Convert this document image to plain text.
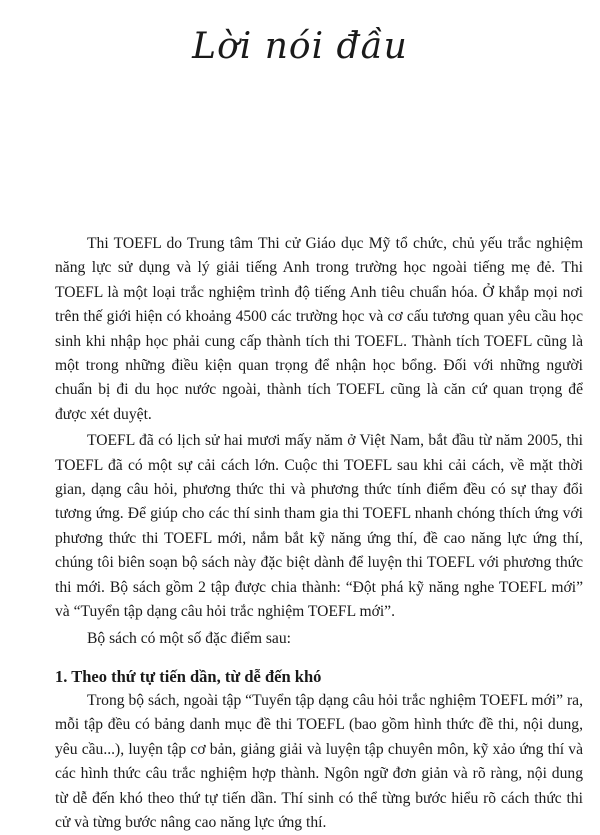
Lời nói đầu

Thi TOEFL do Trung tâm Thi cử Giáo dục Mỹ tổ chức, chủ yếu trắc nghiệm năng lực sử dụng và lý giải tiếng Anh trong trường học ngoài tiếng mẹ đẻ. Thi TOEFL là một loại trắc nghiệm trình độ tiếng Anh tiêu chuẩn hóa. Ở khắp mọi nơi trên thế giới hiện có khoảng 4500 các trường học và cơ cấu tương quan yêu cầu học sinh khi nhập học phải cung cấp thành tích thi TOEFL. Thành tích TOEFL cũng là một trong những điều kiện quan trọng để nhận học bổng. Đối với những người chuẩn bị đi du học nước ngoài, thành tích TOEFL cũng là căn cứ quan trọng để được xét duyệt.

TOEFL đã có lịch sử hai mươi mấy năm ở Việt Nam, bắt đầu từ năm 2005, thi TOEFL đã có một sự cải cách lớn. Cuộc thi TOEFL sau khi cải cách, về mặt thời gian, dạng câu hỏi, phương thức thi và phương thức tính điểm đều có sự thay đổi tương ứng. Để giúp cho các thí sinh tham gia thi TOEFL nhanh chóng thích ứng với phương thức thi TOEFL mới, nắm bắt kỹ năng ứng thí, đề cao năng lực ứng thí, chúng tôi biên soạn bộ sách này đặc biệt dành để luyện thi TOEFL với phương thức thi mới. Bộ sách gồm 2 tập được chia thành: “Đột phá kỹ năng nghe TOEFL mới” và “Tuyển tập dạng câu hỏi trắc nghiệm TOEFL mới”.

Bộ sách có một số đặc điểm sau:

1. Theo thứ tự tiến dần, từ dễ đến khó

Trong bộ sách, ngoài tập “Tuyển tập dạng câu hỏi trắc nghiệm TOEFL mới” ra, mỗi tập đều có bảng danh mục đề thi TOEFL (bao gồm hình thức đề thi, nội dung, yêu cầu...), luyện tập cơ bản, giảng giải và luyện tập chuyên môn, kỹ xảo ứng thí và các hình thức câu trắc nghiệm hợp thành. Ngôn ngữ đơn giản và rõ ràng, nội dung từ dễ đến khó theo thứ tự tiến dần. Thí sinh có thể từng bước hiểu rõ cách thức thi cử và từng bước nâng cao năng lực ứng thí.
